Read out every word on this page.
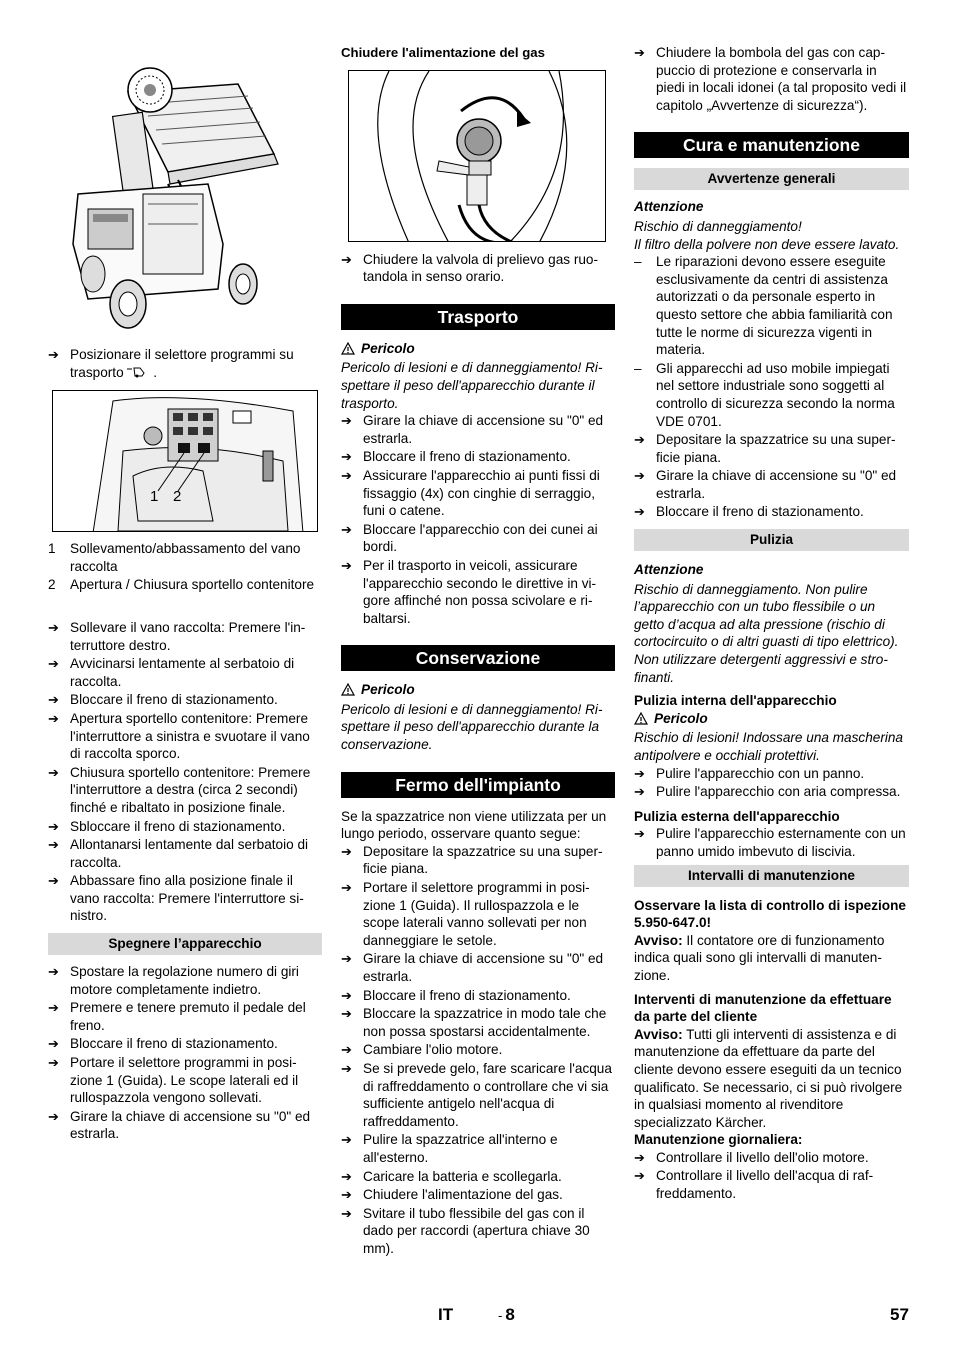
➔ Posizionare il selettore programmi su trasporto  .
1 2
1 Sollevamento/abbassamento del vano raccolta
2 Apertura / Chiusura sportello contenitore
➔ Sollevare il vano raccolta: Premere l'interruttore destro.
➔ Avvicinarsi lentamente al serbatoio di raccolta.
➔ Bloccare il freno di stazionamento.
➔ Apertura sportello contenitore: Premere l'interruttore a sinistra e svuotare il vano di raccolta sporco.
➔ Chiusura sportello contenitore: Premere l'interruttore a destra (circa 2 secondi) finché e ribaltato in posizione finale.
➔ Sbloccare il freno di stazionamento.
➔ Allontanarsi lentamente dal serbatoio di raccolta.
➔ Abbassare fino alla posizione finale il vano raccolta: Premere l'interruttore sinistro.
Spegnere l’apparecchio
➔ Spostare la regolazione numero di giri motore completamente indietro.
➔ Premere e tenere premuto il pedale del freno.
➔ Bloccare il freno di stazionamento.
➔ Portare il selettore programmi in posizione 1 (Guida). Le scope laterali ed il rullospazzola vengono sollevati.
➔ Girare la chiave di accensione su "0" ed estrarla.
Chiudere l'alimentazione del gas
➔ Chiudere la valvola di prelievo gas ruotandola in senso orario.
Trasporto
Pericolo
Pericolo di lesioni e di danneggiamento! Rispettare il peso dell'apparecchio durante il trasporto.
➔ Girare la chiave di accensione su "0" ed estrarla.
➔ Bloccare il freno di stazionamento.
➔ Assicurare l'apparecchio ai punti fissi di fissaggio (4x) con cinghie di serraggio, funi o catene.
➔ Bloccare l'apparecchio con dei cunei ai bordi.
➔ Per il trasporto in veicoli, assicurare l'apparecchio secondo le direttive in vigore affinché non possa scivolare e ribaltarsi.
Conservazione
Pericolo
Pericolo di lesioni e di danneggiamento! Rispettare il peso dell'apparecchio durante la conservazione.
Fermo dell'impianto
Se la spazzatrice non viene utilizzata per un lungo periodo, osservare quanto segue:
➔ Depositare la spazzatrice su una superficie piana.
➔ Portare il selettore programmi in posizione 1 (Guida). Il rullospazzola e le scope laterali vanno sollevati per non danneggiare le setole.
➔ Girare la chiave di accensione su "0" ed estrarla.
➔ Bloccare il freno di stazionamento.
➔ Bloccare la spazzatrice in modo tale che non possa spostarsi accidentalmente.
➔ Cambiare l'olio motore.
➔ Se si prevede gelo, fare scaricare l'acqua di raffreddamento o controllare che vi sia sufficiente antigelo nell'acqua di raffreddamento.
➔ Pulire la spazzatrice all'interno e all'esterno.
➔ Caricare la batteria e scollegarla.
➔ Chiudere l'alimentazione del gas.
➔ Svitare il tubo flessibile del gas con il dado per raccordi (apertura chiave 30 mm).
➔ Chiudere la bombola del gas con cappuccio di protezione e conservarla in piedi in locali idonei (a tal proposito vedi il capitolo „Avvertenze di sicurezza“).
Cura e manutenzione
Avvertenze generali
Attenzione
Rischio di danneggiamento!
Il filtro della polvere non deve essere lavato.
– Le riparazioni devono essere eseguite esclusivamente da centri di assistenza autorizzati o da personale esperto in questo settore che abbia familiarità con tutte le norme di sicurezza vigenti in materia.
– Gli apparecchi ad uso mobile impiegati nel settore industriale sono soggetti al controllo di sicurezza secondo la norma VDE 0701.
➔ Depositare la spazzatrice su una superficie piana.
➔ Girare la chiave di accensione su "0" ed estrarla.
➔ Bloccare il freno di stazionamento.
Pulizia
Attenzione
Rischio di danneggiamento. Non pulire l’apparecchio con un tubo flessibile o un getto d’acqua ad alta pressione (rischio di cortocircuito o di altri guasti di tipo elettrico).
Non utilizzare detergenti aggressivi e strofinanti.
Pulizia interna dell'apparecchio
Pericolo
Rischio di lesioni! Indossare una mascherina antipolvere e occhiali protettivi.
➔ Pulire l'apparecchio con un panno.
➔ Pulire l'apparecchio con aria compressa.
Pulizia esterna dell'apparecchio
➔ Pulire l'apparecchio esternamente con un panno umido imbevuto di liscivia.
Intervalli di manutenzione
Osservare la lista di controllo di ispezione 5.950-647.0!
Avviso: Il contatore ore di funzionamento indica quali sono gli intervalli di manutenzione.
Interventi di manutenzione da effettuare da parte del cliente
Avviso: Tutti gli interventi di assistenza e di manutenzione da effettuare da parte del cliente devono essere eseguiti da un tecnico qualificato. Se necessario, ci si può rivolgere in qualsiasi momento al rivenditore specializzato Kärcher.
Manutenzione giornaliera:
➔ Controllare il livello dell'olio motore.
➔ Controllare il livello dell'acqua di raffreddamento.
IT	- 8	57
